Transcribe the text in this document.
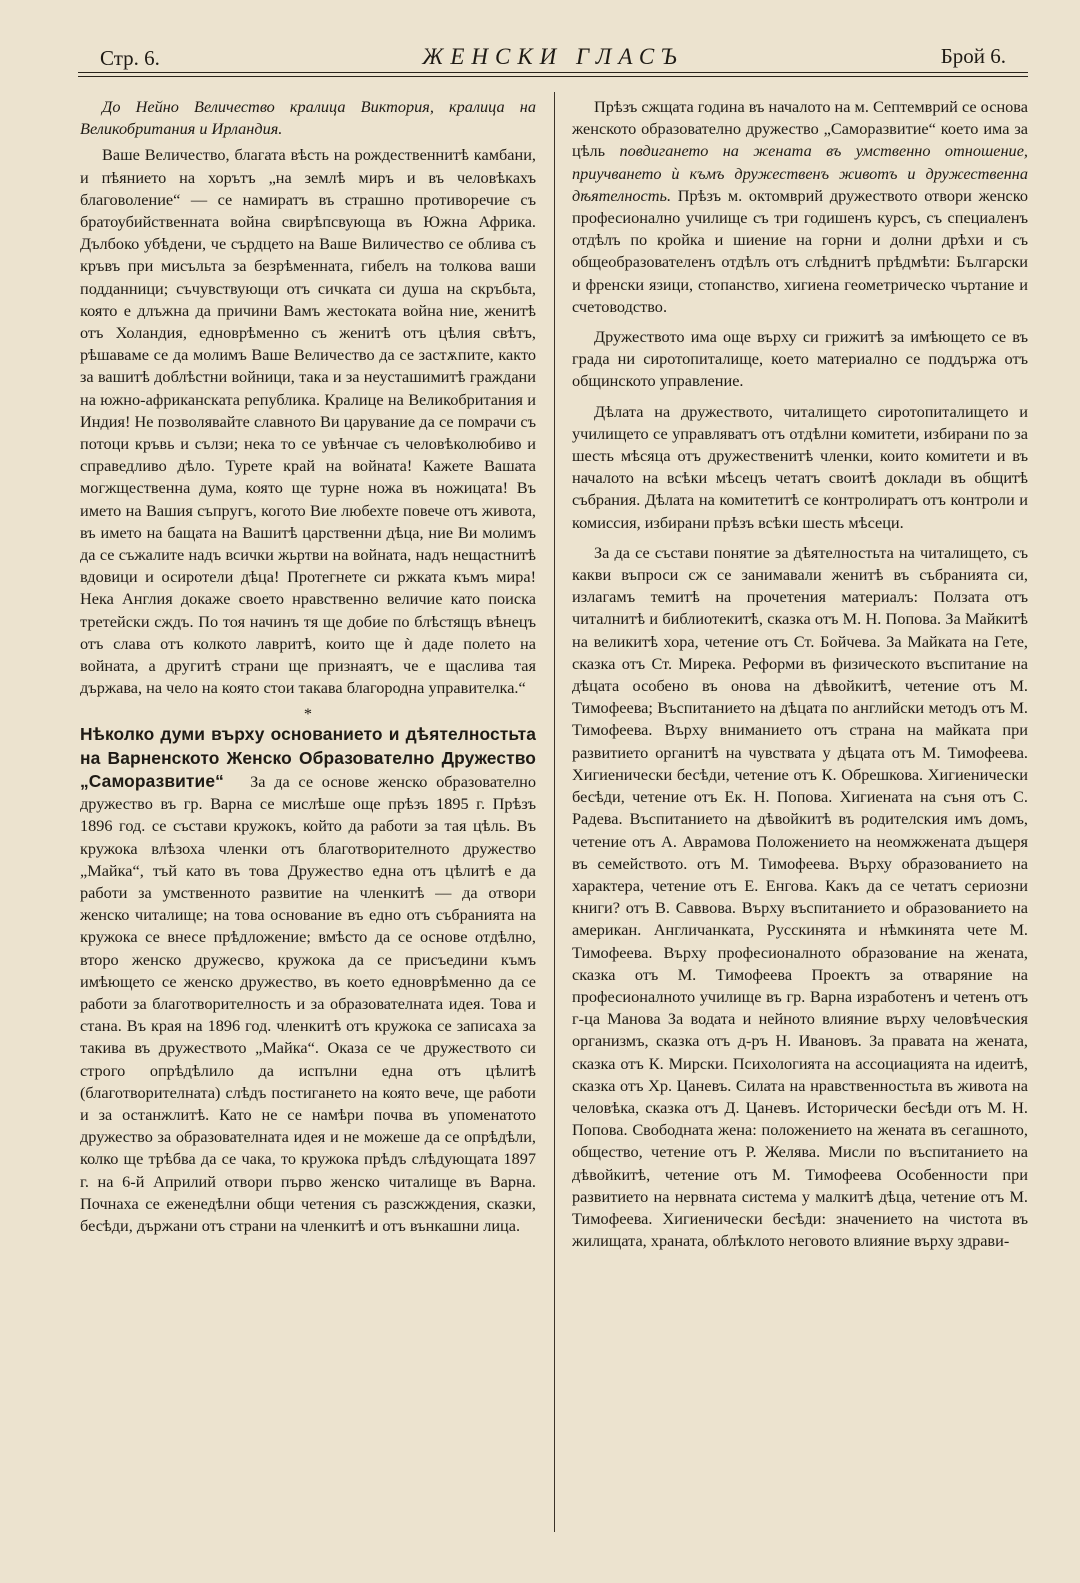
Стр. 6.	ЖЕНСКИ ГЛАСЪ	Брой 6.

До Нейно Величество кралица Виктория, кралица на Великобритания и Ирландия.

Ваше Величество, благата вѣсть на рождественнитѣ камбани, и пѣянието на хорътъ „на землѣ миръ и въ человѣкахъ благоволение“ — се намиратъ въ страшно противоречие съ братоубийственната война свирѣпсвующа въ Южна Африка. Дълбоко убѣдени, че сърдцето на Ваше Виличество се облива съ кръвъ при мисъльта за безрѣменната, гибелъ на толкова ваши подданници; съчувствующи отъ сичката си душа на скръбьта, която е длъжна да причини Вамъ жестоката война ние, женитѣ отъ Холандия, едноврѣменно съ женитѣ отъ цѣлия свѣтъ, рѣшаваме се да молимъ Ваше Величество да се застѫпите, както за вашитѣ доблѣстни войници, така и за неусташимитѣ граждани на южно-африканската република. Кралице на Великобритания и Индия! Не позволявайте славното Ви царувание да се помрачи съ потоци кръвь и сълзи; нека то се увѣнчае съ человѣколюбиво и справедливо дѣло. Турете край на войната! Кажете Вашата могжщественна дума, която ще турне ножа въ ножицата! Въ името на Вашия съпругъ, когото Вие любехте повече отъ живота, въ името на бащата на Вашитѣ царственни дѣца, ние Ви молимъ да се съжалите надъ всички жьртви на войната, надъ нещастнитѣ вдовици и осиротели дѣца! Протегнете си ржката къмъ мира! Нека Англия докаже своето нравственно величие като поиска третейски сждъ. По тоя начинъ тя ще добие по блѣстящъ вѣнецъ отъ слава отъ колкото лавритѣ, които ще ѝ даде полето на войната, а другитѣ страни ще признаятъ, че е щаслива тая държава, на чело на която стои такава благородна управителка.“

*

Нѣколко думи върху основанието и дѣятелностьта на Варненското Женско Образователно Дружество „Саморазвитие“ За да се основе женско образователно дружество въ гр. Варна се мислѣше още прѣзъ 1895 г. Прѣзъ 1896 год. се състави кружокъ, който да работи за тая цѣль. Въ кружока влѣзоха членки отъ благотворителното дружество „Майка“, тъй като въ това Дружество една отъ цѣлитѣ е да работи за умственното развитие на членкитѣ — да отвори женско читалище; на това основание въ едно отъ събранията на кружока се внесе прѣдложение; вмѣсто да се основе отдѣлно, второ женско дружесво, кружока да се присъедини къмъ имѣющето се женско дружество, въ което едноврѣменно да се работи за благотворителность и за образователната идея. Това и стана. Въ края на 1896 год. членкитѣ отъ кружока се записаха за такива въ дружеството „Майка“. Оказа се че дружеството си строго опрѣдѣлило да испълни една отъ цѣлитѣ (благотворителната) слѣдъ постигането на която вече, ще работи и за останжлитѣ. Като не се намѣри почва въ упоменатото дружество за образователната идея и не можеше да се опрѣдѣли, колко ще трѣбва да се чака, то кружока прѣдъ слѣдующата 1897 г. на 6-й Априлий отвори първо женско читалище въ Варна. Почнаха се еженедѣлни общи четения съ разсжждения, сказки, бесѣди, държани отъ страни на членкитѣ и отъ вънкашни лица.

Прѣзъ сжщата година въ началото на м. Септемврий се основа женското образователно дружество „Саморазвитие“ което има за цѣль повдигането на жената въ умственно отношение, приучването ѝ къмъ дружественъ животъ и дружественна дѣятелность. Прѣзъ м. октомврий дружеството отвори женско професионално училище съ три годишенъ курсъ, съ специаленъ отдѣлъ по кройка и шиение на горни и долни дрѣхи и съ общеобразователенъ отдѣлъ отъ слѣднитѣ прѣдмѣти: Български и френски язици, стопанство, хигиена геометрическо чъртание и счетоводство.

Дружеството има още върху си грижитѣ за имѣющето се въ града ни сиротопиталище, което материално се поддържа отъ общинското управление.

Дѣлата на дружеството, читалището сиротопиталището и училището се управляватъ отъ отдѣлни комитети, избирани по за шесть мѣсяца отъ дружественитѣ членки, които комитети и въ началото на всѣки мѣсецъ четатъ своитѣ доклади въ общитѣ събрания. Дѣлата на комитетитѣ се контролиратъ отъ контроли и комиссия, избирани прѣзъ всѣки шесть мѣсеци.

За да се състави понятие за дѣятелностьта на читалището, съ какви въпроси сж се занимавали женитѣ въ събранията си, излагамъ темитѣ на прочетения материалъ: Ползата отъ читалнитѣ и библиотекитѣ, сказка отъ М. Н. Попова. За Майкитѣ на великитѣ хора, четение отъ Ст. Бойчева. За Майката на Гете, сказка отъ Ст. Мирека. Реформи въ физическото въспитание на дѣцата особено въ онова на дѣвойкитѣ, четение отъ М. Тимофеева; Въспитанието на дѣцата по английски методъ отъ М. Тимофеева. Върху вниманието отъ страна на майката при развитието органитѣ на чувствата у дѣцата отъ М. Тимофеева. Хигиенически бесѣди, четение отъ К. Обрешкова. Хигиенически бесѣди, четение отъ Ек. Н. Попова. Хигиената на съня отъ С. Радева. Въспитанието на дѣвойкитѣ въ родителския имъ домъ, четение отъ А. Аврамова Положението на неомжжената дъщеря въ семейството. отъ М. Тимофеева. Върху образованието на характера, четение отъ Е. Енгова. Какъ да се четатъ сериозни книги? отъ В. Саввова. Върху въспитанието и образованието на американ. Англичанката, Русскинята и нѣмкинята чете М. Тимофеева. Върху професионалното образование на жената, сказка отъ М. Тимофеева Проектъ за отваряние на професионалното училище въ гр. Варна изработенъ и четенъ отъ г-ца Манова За водата и нейното влияние върху человѣческия организмъ, сказка отъ д-ръ Н. Ивановъ. За правата на жената, сказка отъ К. Мирски. Психологията на ассоциацията на идеитѣ, сказка отъ Хр. Цаневъ. Силата на нравственностьта въ живота на человѣка, сказка отъ Д. Цаневъ. Исторически бесѣди отъ М. Н. Попова. Свободната жена: положението на жената въ сегашното, общество, четение отъ Р. Желява. Мисли по въспитанието на дѣвойкитѣ, четение отъ М. Тимофеева Особенности при развитието на нервната система у малкитѣ дѣца, четение отъ М. Тимофеева. Хигиенически бесѣди: значението на чистота въ жилищата, храната, облѣклото неговото влияние върху здрави-
